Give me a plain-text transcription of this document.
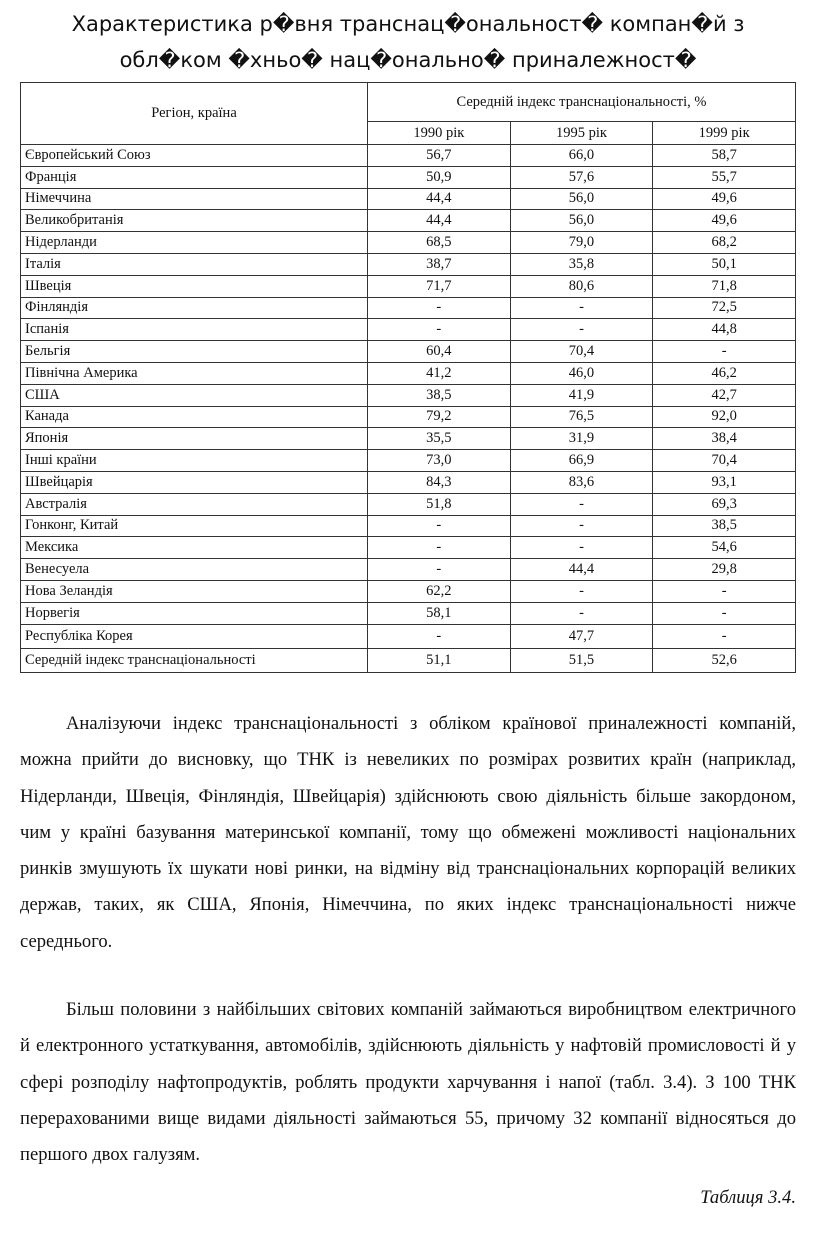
Характеристика р�вня транснац�ональност� компан�й з
обл�ком �хньо� нац�онально� приналежност�
Регіон, країна	Середній індекс транснаціональності, %		
	1990 рік	1995 рік	1999 рік
Європейський Союз	56,7	66,0	58,7
Франція	50,9	57,6	55,7
Німеччина	44,4	56,0	49,6
Великобританія	44,4	56,0	49,6
Нідерланди	68,5	79,0	68,2
Італія	38,7	35,8	50,1
Швеція	71,7	80,6	71,8
Фінляндія	-	-	72,5
Іспанія	-	-	44,8
Бельгія	60,4	70,4	-
Північна Америка	41,2	46,0	46,2
США	38,5	41,9	42,7
Канада	79,2	76,5	92,0
Японія	35,5	31,9	38,4
Інші країни	73,0	66,9	70,4
Швейцарія	84,3	83,6	93,1
Австралія	51,8	-	69,3
Гонконг, Китай	-	-	38,5
Мексика	-	-	54,6
Венесуела	-	44,4	29,8
Нова Зеландія	62,2	-	-
Норвегія	58,1	-	-
Республіка Корея	-	47,7	-
Середній індекс транснаціональності	51,1	51,5	52,6

Аналізуючи індекс транснаціональності з обліком країнової приналежності компаній, можна прийти до висновку, що ТНК із невеликих по розмірах розвитих країн (наприклад, Нідерланди, Швеція, Фінляндія, Швейцарія) здійснюють свою діяльність більше закордоном, чим у країні базування материнської компанії, тому що обмежені можливості національних ринків змушують їх шукати нові ринки, на відміну від транснаціональних корпорацій великих держав, таких, як США, Японія, Німеччина, по яких індекс транснаціональності нижче середнього.

Більш половини з найбільших світових компаній займаються виробництвом електричного й електронного устаткування, автомобілів, здійснюють діяльність у нафтовій промисловості й у сфері розподілу нафтопродуктів, роблять продукти харчування і напої (табл. 3.4). З 100 ТНК перерахованими вище видами діяльності займаються 55, причому 32 компанії відносяться до першого двох галузям.

Таблиця 3.4.
